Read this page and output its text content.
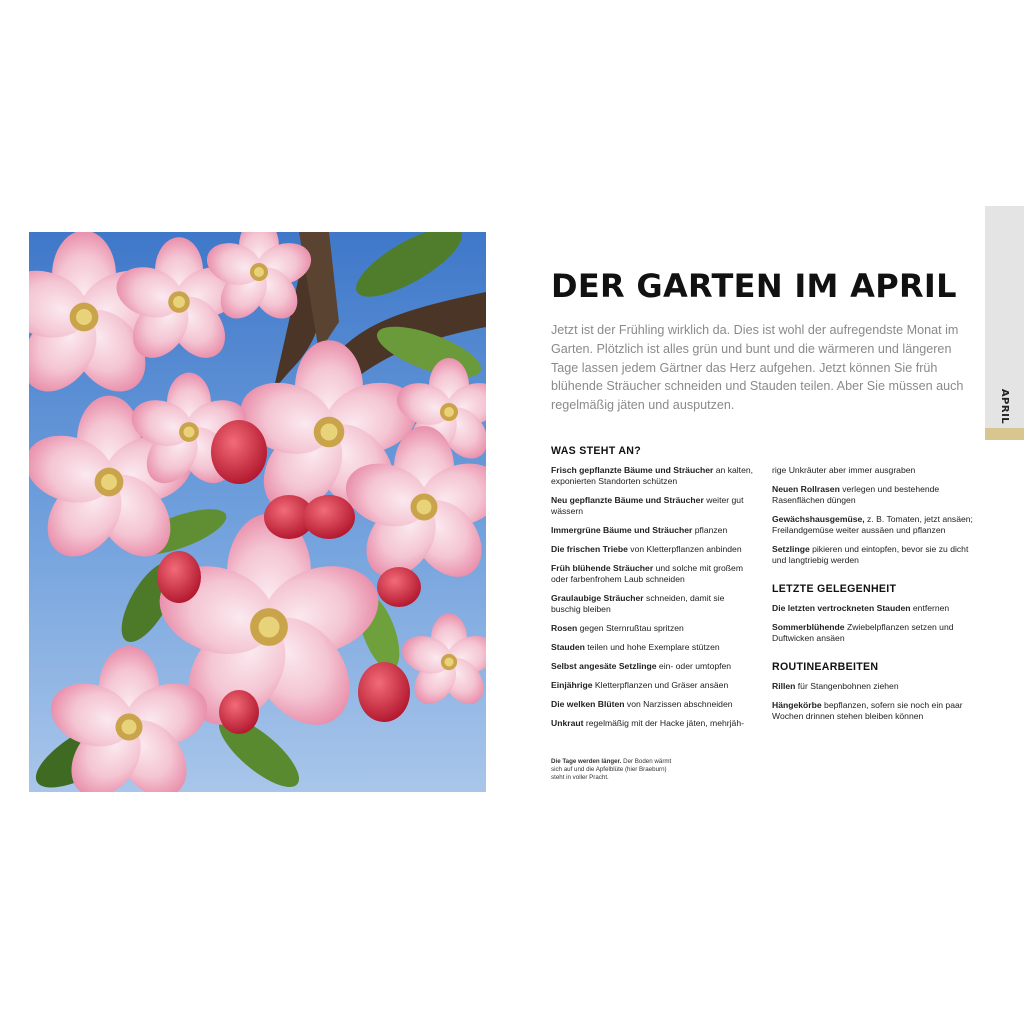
APRIL
DER GARTEN IM APRIL

Jetzt ist der Frühling wirklich da. Dies ist wohl der aufregendste Monat im Garten. Plötzlich ist alles grün und bunt und die wärmeren und längeren Tage lassen jedem Gärtner das Herz aufgehen. Jetzt können Sie früh blühende Sträucher schneiden und Stauden teilen. Aber Sie müssen auch regelmäßig jäten und ausputzen.

WAS STEHT AN?
Frisch gepflanzte Bäume und Sträucher an kalten, exponierten Standorten schützen
Neu gepflanzte Bäume und Sträucher weiter gut wässern
Immergrüne Bäume und Sträucher pflanzen
Die frischen Triebe von Kletterpflanzen anbinden
Früh blühende Sträucher und solche mit großem oder farbenfrohem Laub schneiden
Graulaubige Sträucher schneiden, damit sie buschig bleiben
Rosen gegen Sternrußtau spritzen
Stauden teilen und hohe Exemplare stützen
Selbst angesäte Setzlinge ein- oder umtopfen
Einjährige Kletterpflanzen und Gräser ansäen
Die welken Blüten von Narzissen abschneiden
Unkraut regelmäßig mit der Hacke jäten, mehrjäh-
rige Unkräuter aber immer ausgraben
Neuen Rollrasen verlegen und bestehende Rasenflächen düngen
Gewächshausgemüse, z. B. Tomaten, jetzt ansäen; Freilandgemüse weiter aussäen und pflanzen
Setzlinge pikieren und eintopfen, bevor sie zu dicht und langtriebig werden
LETZTE GELEGENHEIT
Die letzten vertrockneten Stauden entfernen
Sommerblühende Zwiebelpflanzen setzen und Duftwicken ansäen
ROUTINEARBEITEN
Rillen für Stangenbohnen ziehen
Hängekörbe bepflanzen, sofern sie noch ein paar Wochen drinnen stehen bleiben können
Die Tage werden länger. Der Boden wärmt sich auf und die Apfelblüte (hier Braeburn) steht in voller Pracht.
